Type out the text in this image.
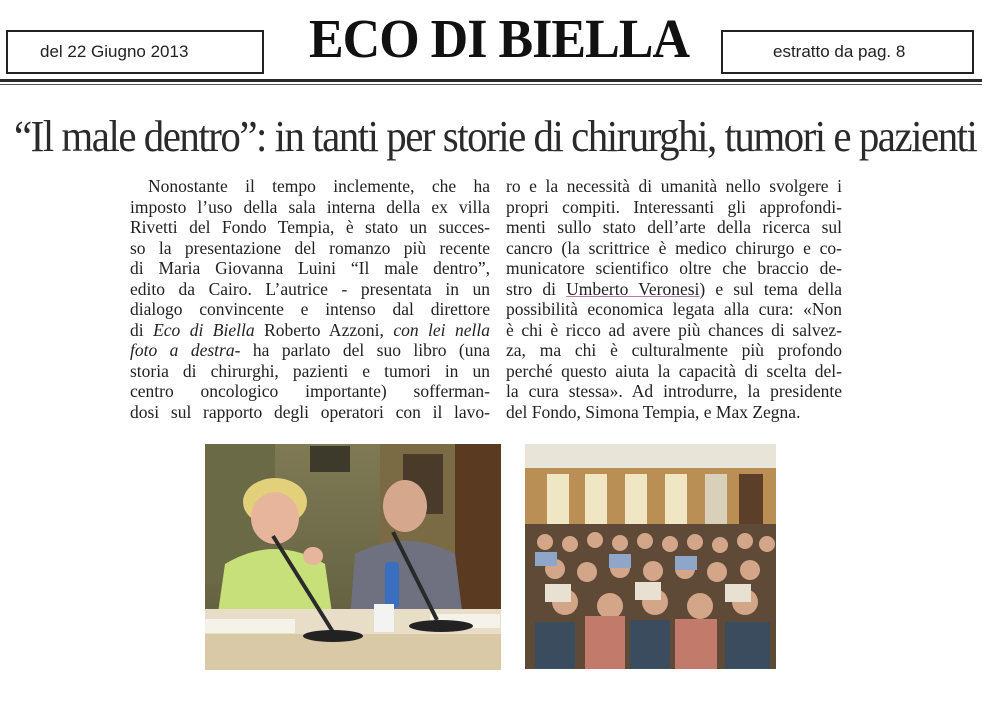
del 22 Giugno 2013 ECO DI BIELLA	estratto da pag. 8
“Il male dentro”: in tanti per storie di chirurghi, tumori e pazienti
Nonostante il tempo inclemente, che ha
imposto l’uso della sala interna della ex villa
Rivetti del Fondo Tempia, è stato un succes-
so la presentazione del romanzo più recente
di Maria Giovanna Luini “Il male dentro”,
edito da Cairo. L’autrice - presentata in un
dialogo convincente e intenso dal direttore
di Eco di Biella Roberto Azzoni, con lei nella
foto a destra- ha parlato del suo libro (una
storia di chirurghi, pazienti e tumori in un
centro oncologico importante) sofferman-
dosi sul rapporto degli operatori con il lavo-
ro e la necessità di umanità nello svolgere i
propri compiti. Interessanti gli approfondi-
menti sullo stato dell’arte della ricerca sul
cancro (la scrittrice è medico chirurgo e co-
municatore scientifico oltre che braccio de-
stro di Umberto Veronesi) e sul tema della
possibilità economica legata alla cura: «Non
è chi è ricco ad avere più chances di salvez-
za, ma chi è culturalmente più profondo
perché questo aiuta la capacità di scelta del-
la cura stessa». Ad introdurre, la presidente
del Fondo, Simona Tempia, e Max Zegna.
